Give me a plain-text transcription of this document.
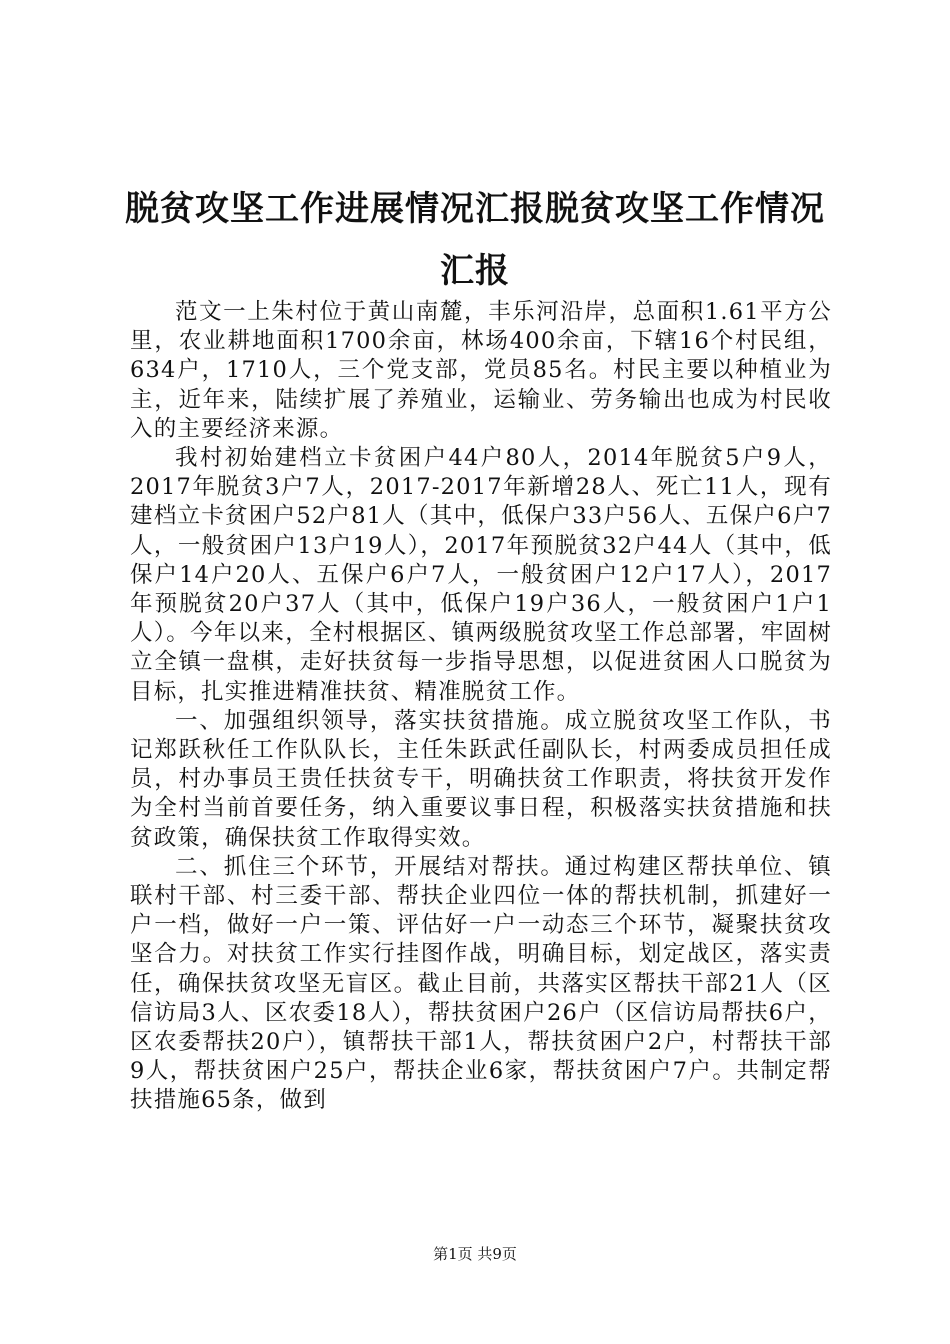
脱贫攻坚工作进展情况汇报脱贫攻坚工作情况汇报

范文一上朱村位于黄山南麓，丰乐河沿岸，总面积1.61平方公里，农业耕地面积1700余亩，林场400余亩，下辖16个村民组，634户，1710人，三个党支部，党员85名。村民主要以种植业为主，近年来，陆续扩展了养殖业，运输业、劳务输出也成为村民收入的主要经济来源。

我村初始建档立卡贫困户44户80人，2014年脱贫5户9人，2017年脱贫3户7人，2017-2017年新增28人、死亡11人，现有建档立卡贫困户52户81人（其中，低保户33户56人、五保户6户7人，一般贫困户13户19人），2017年预脱贫32户44人（其中，低保户14户20人、五保户6户7人，一般贫困户12户17人），2017年预脱贫20户37人（其中，低保户19户36人，一般贫困户1户1人）。今年以来，全村根据区、镇两级脱贫攻坚工作总部署，牢固树立全镇一盘棋，走好扶贫每一步指导思想，以促进贫困人口脱贫为目标，扎实推进精准扶贫、精准脱贫工作。

一、加强组织领导，落实扶贫措施。成立脱贫攻坚工作队，书记郑跃秋任工作队队长，主任朱跃武任副队长，村两委成员担任成员，村办事员王贵任扶贫专干，明确扶贫工作职责，将扶贫开发作为全村当前首要任务，纳入重要议事日程，积极落实扶贫措施和扶贫政策，确保扶贫工作取得实效。

二、抓住三个环节，开展结对帮扶。通过构建区帮扶单位、镇联村干部、村三委干部、帮扶企业四位一体的帮扶机制，抓建好一户一档，做好一户一策、评估好一户一动态三个环节，凝聚扶贫攻坚合力。对扶贫工作实行挂图作战，明确目标，划定战区，落实责任，确保扶贫攻坚无盲区。截止目前，共落实区帮扶干部21人（区信访局3人、区农委18人），帮扶贫困户26户（区信访局帮扶6户，区农委帮扶20户），镇帮扶干部1人，帮扶贫困户2户，村帮扶干部9人，帮扶贫困户25户，帮扶企业6家，帮扶贫困户7户。共制定帮扶措施65条，做到

第1页 共9页
